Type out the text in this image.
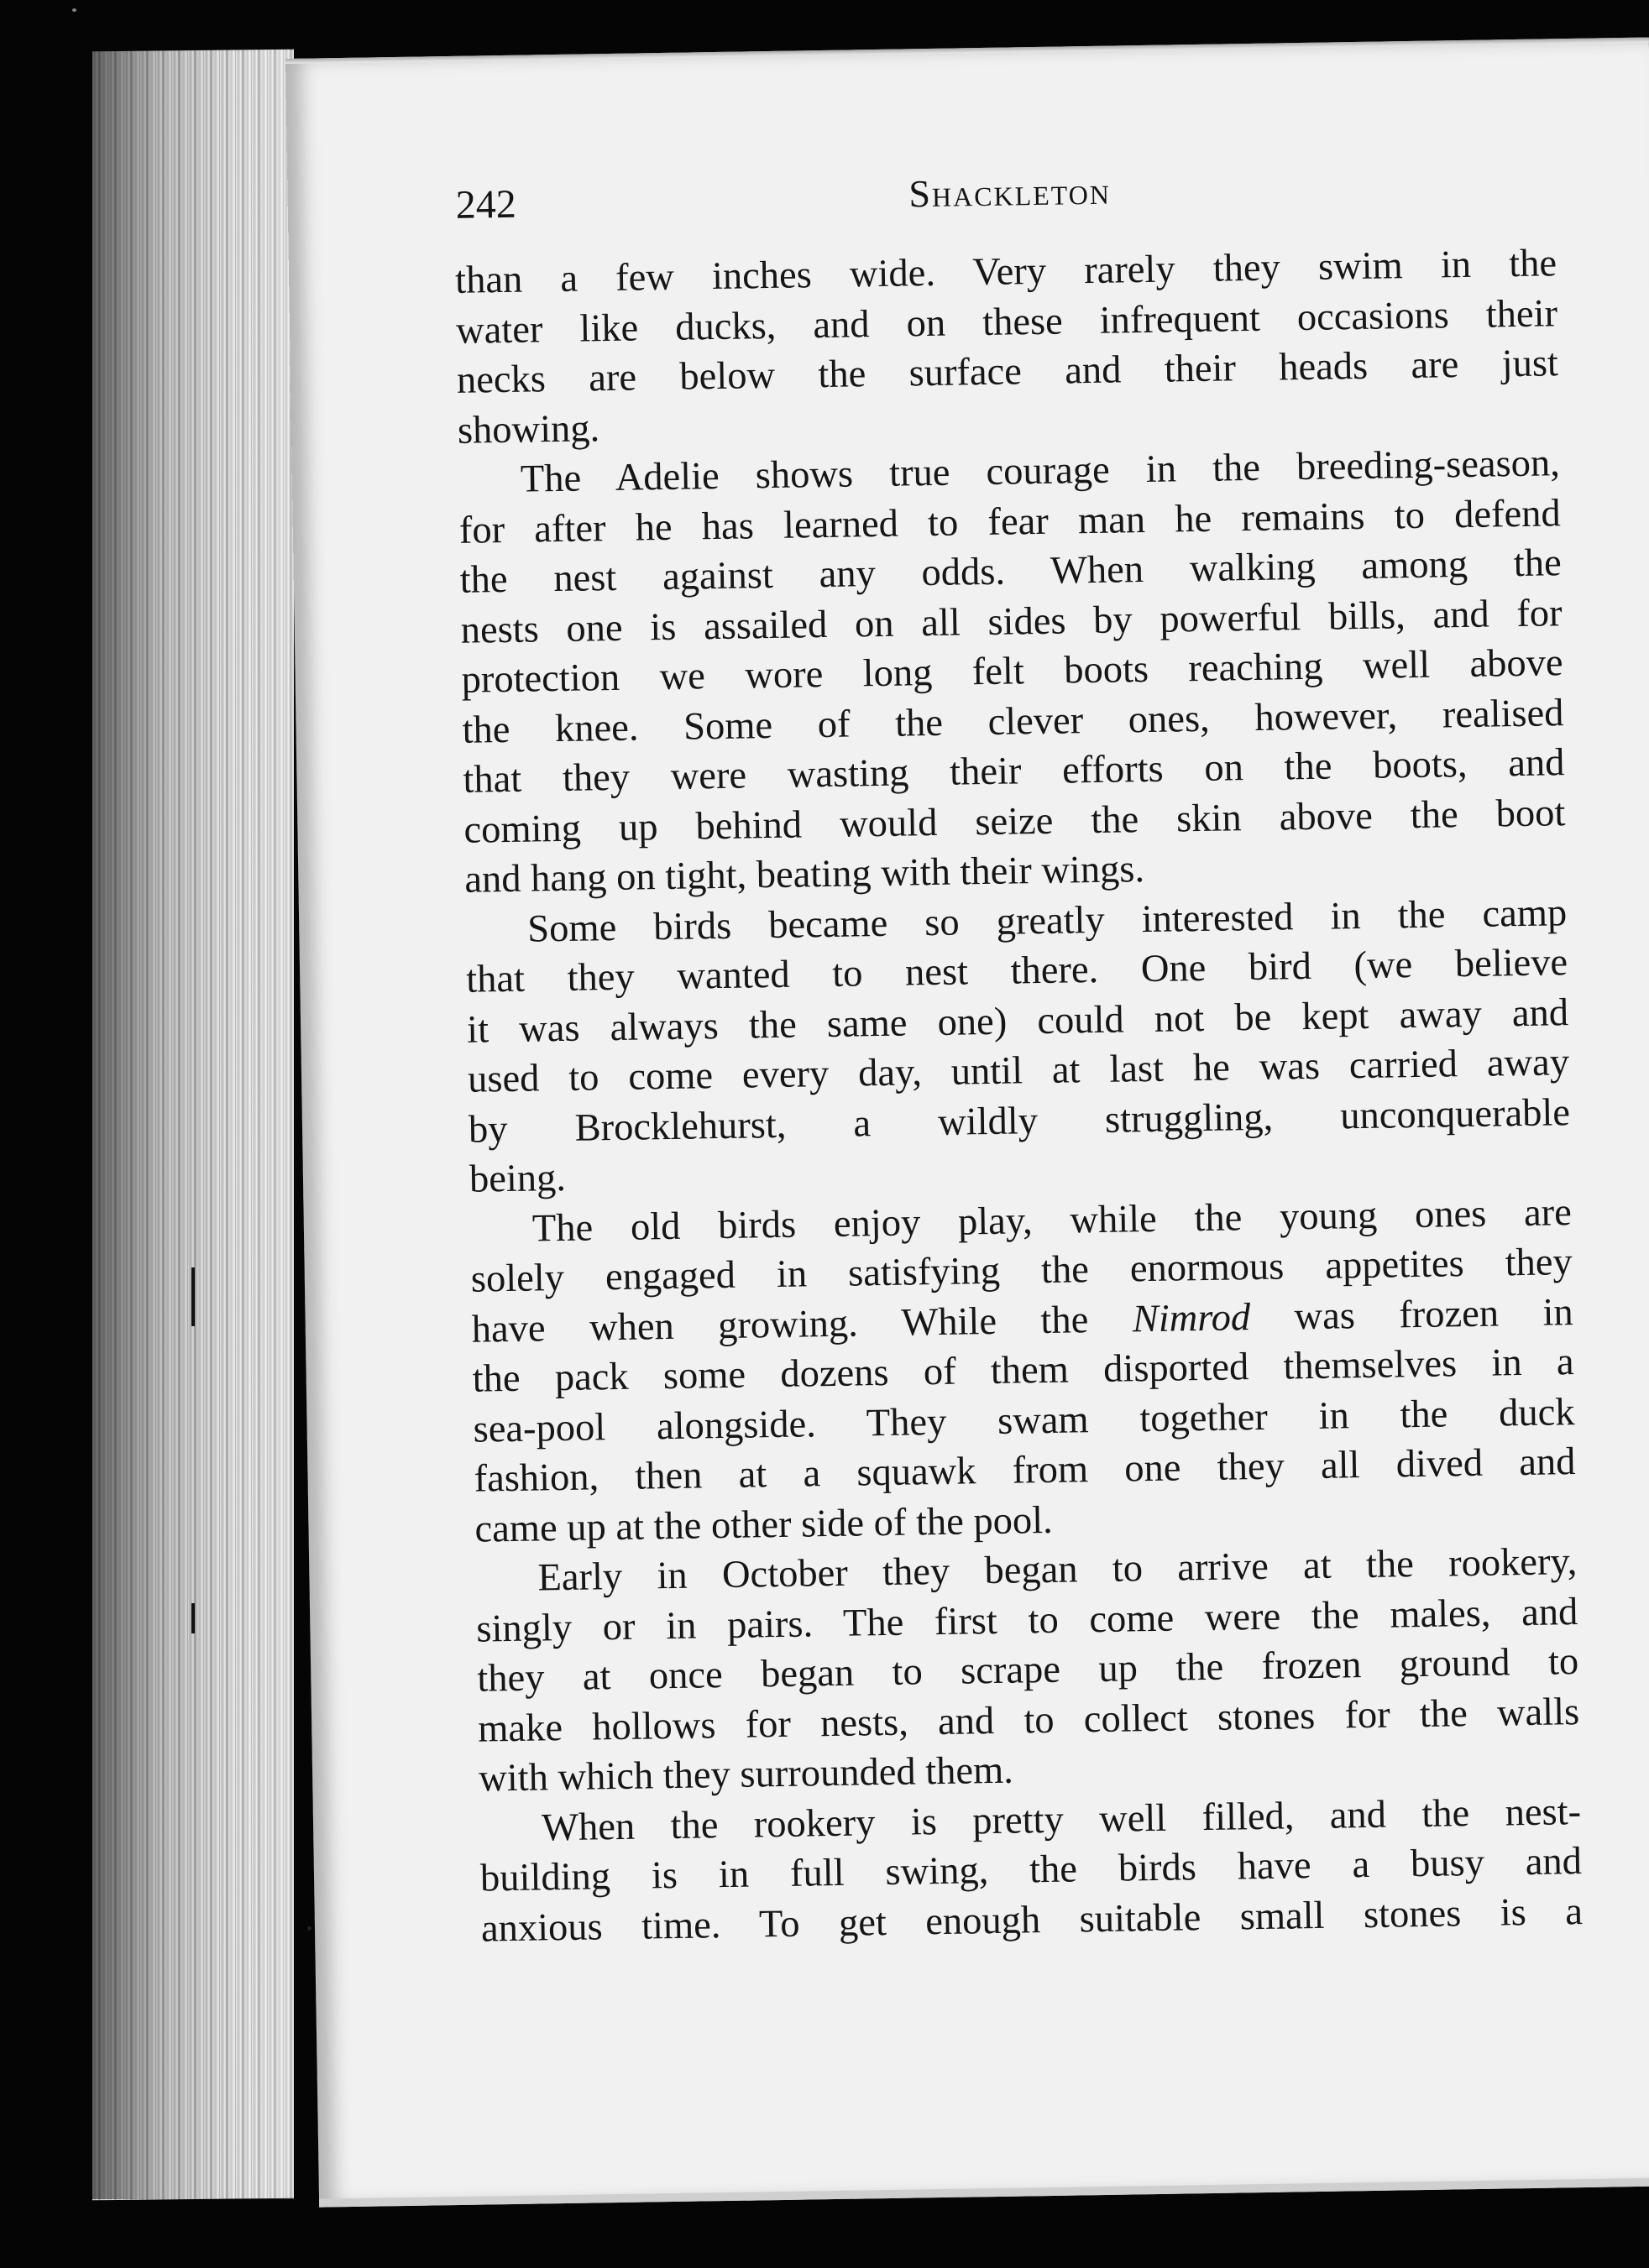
242	Shackleton
than a few inches wide. Very rarely they swim in the
water like ducks, and on these infrequent occasions their
necks are below the surface and their heads are just
showing.
The Adelie shows true courage in the breeding-season,
for after he has learned to fear man he remains to defend
the nest against any odds. When walking among the
nests one is assailed on all sides by powerful bills, and for
protection we wore long felt boots reaching well above
the knee. Some of the clever ones, however, realised
that they were wasting their efforts on the boots, and
coming up behind would seize the skin above the boot
and hang on tight, beating with their wings.
Some birds became so greatly interested in the camp
that they wanted to nest there. One bird (we believe
it was always the same one) could not be kept away and
used to come every day, until at last he was carried away
by Brocklehurst, a wildly struggling, unconquerable
being.
The old birds enjoy play, while the young ones are
solely engaged in satisfying the enormous appetites they
have when growing. While the Nimrod was frozen in
the pack some dozens of them disported themselves in a
sea-pool alongside. They swam together in the duck
fashion, then at a squawk from one they all dived and
came up at the other side of the pool.
Early in October they began to arrive at the rookery,
singly or in pairs. The first to come were the males, and
they at once began to scrape up the frozen ground to
make hollows for nests, and to collect stones for the walls
with which they surrounded them.
When the rookery is pretty well filled, and the nest-
building is in full swing, the birds have a busy and
anxious time. To get enough suitable small stones is a
